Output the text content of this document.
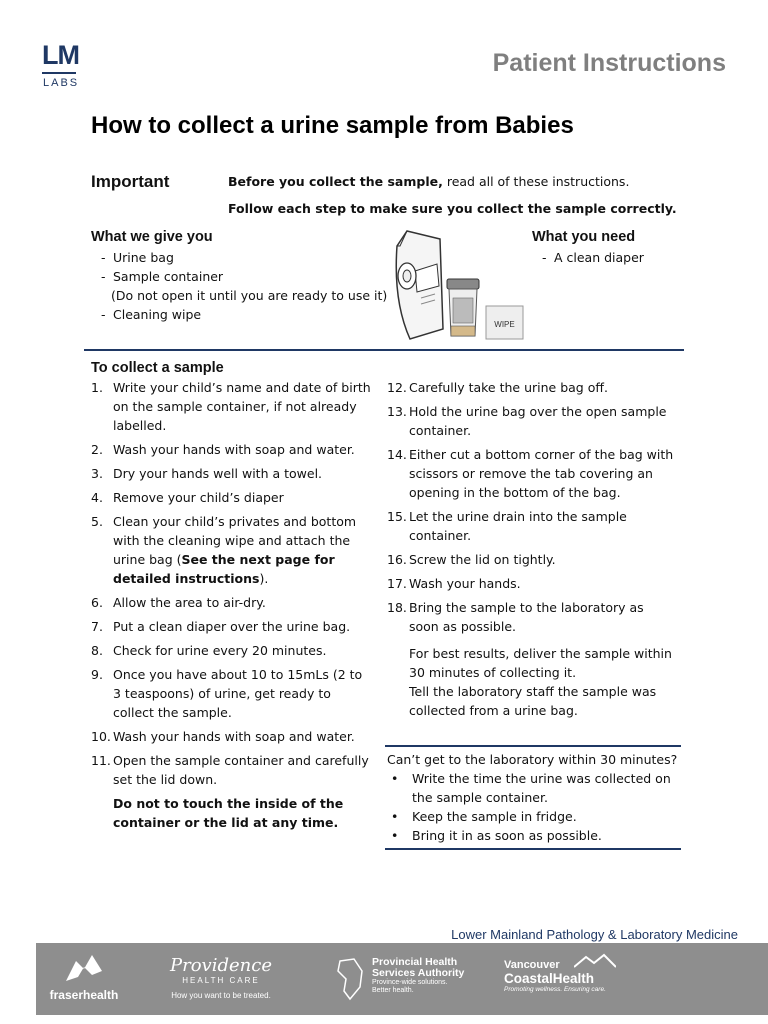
LM
LABS
Patient Instructions
How to collect a urine sample from Babies
Important	Before you collect the sample, read all of these instructions.
Follow each step to make sure you collect the sample correctly.
What we give you
- Urine bag
- Sample container
(Do not open it until you are ready to use it)
- Cleaning wipe
WIPE
What you need
- A clean diaper
To collect a sample
1. Write your child’s name and date of birth on the sample container, if not already labelled.
2. Wash your hands with soap and water.
3. Dry your hands well with a towel.
4. Remove your child’s diaper
5. Clean your child’s privates and bottom with the cleaning wipe and attach the urine bag (See the next page for detailed instructions).
6. Allow the area to air-dry.
7. Put a clean diaper over the urine bag.
8. Check for urine every 20 minutes.
9. Once you have about 10 to 15mLs (2 to 3 teaspoons) of urine, get ready to collect the sample.
10. Wash your hands with soap and water.
11. Open the sample container and carefully set the lid down.

Do not to touch the inside of the container or the lid at any time.

12. Carefully take the urine bag off.
13. Hold the urine bag over the open sample container.
14. Either cut a bottom corner of the bag with scissors or remove the tab covering an opening in the bottom of the bag.
15. Let the urine drain into the sample container.
16. Screw the lid on tightly.
17. Wash your hands.
18. Bring the sample to the laboratory as soon as possible.

For best results, deliver the sample within 30 minutes of collecting it.

Tell the laboratory staff the sample was collected from a urine bag.

Can’t get to the laboratory within 30 minutes?
• Write the time the urine was collected on the sample container.
• Keep the sample in fridge.
• Bring it in as soon as possible.
Lower Mainland Pathology & Laboratory Medicine
fraserhealth
Providence
HEALTH CARE
How you want to be treated.
Provincial Health
Services Authority
Province-wide solutions.
Better health.
Vancouver
CoastalHealth
Promoting wellness. Ensuring care.
